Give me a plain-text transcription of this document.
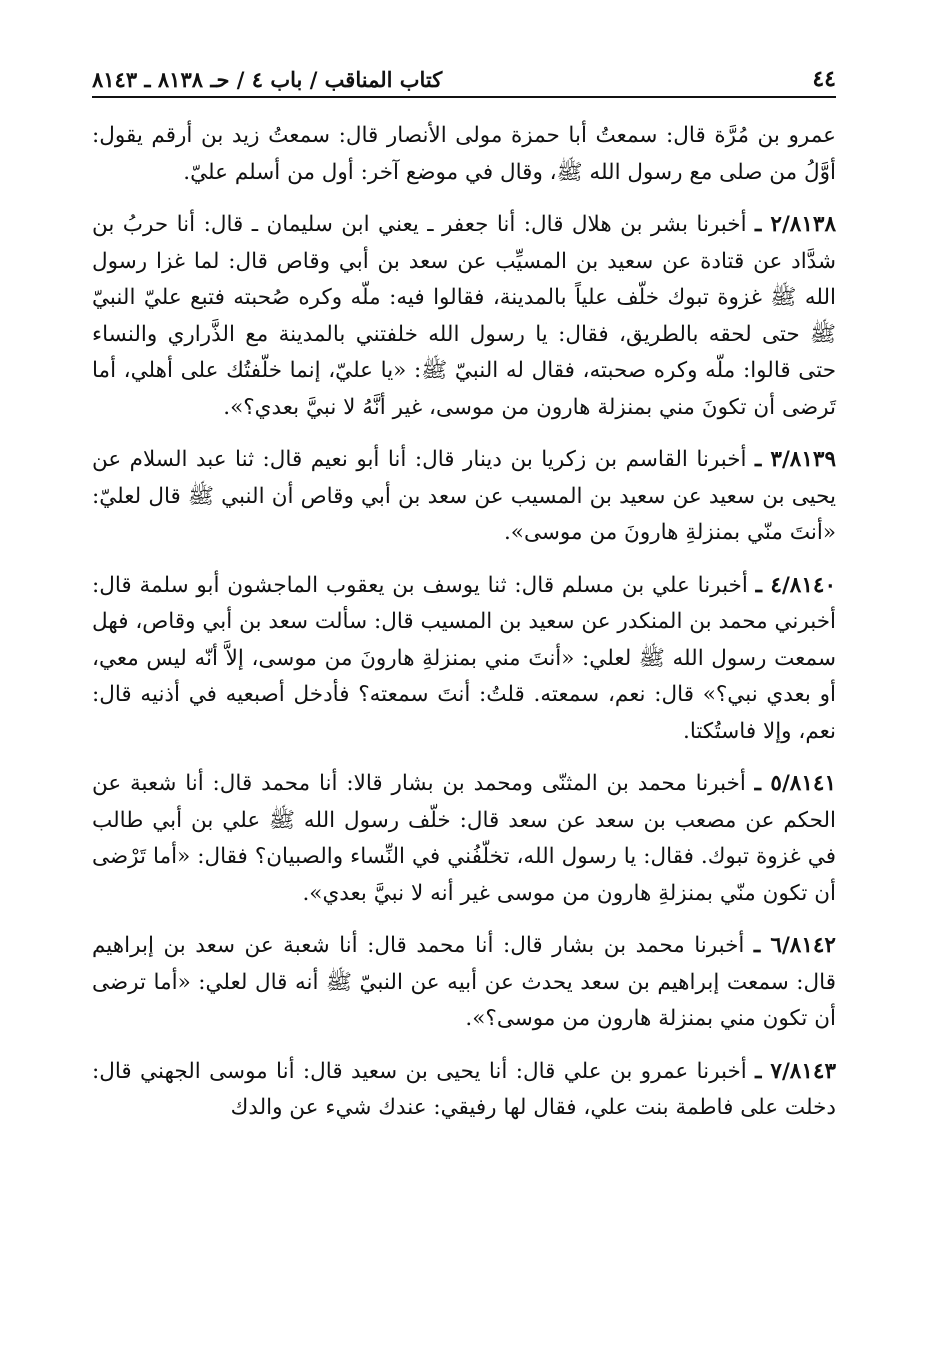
٤٤
كتاب المناقب / باب ٤ / حـ ٨١٣٨ ـ ٨١٤٣

عمرو بن مُرَّة قال: سمعتُ أبا حمزة مولى الأنصار قال: سمعتُ زيد بن أرقم يقول: أوَّلُ من صلى مع رسول الله ﷺ، وقال في موضع آخر: أول من أسلم عليّ.

٢/٨١٣٨ ـ أخبرنا بشر بن هلال قال: أنا جعفر ـ يعني ابن سليمان ـ قال: أنا حربُ بن شدَّاد عن قتادة عن سعيد بن المسيِّب عن سعد بن أبي وقاص قال: لما غزا رسول الله ﷺ غزوة تبوك خلّف علياً بالمدينة، فقالوا فيه: ملّه وكره صُحبته فتبع عليّ النبيّ ﷺ حتى لحقه بالطريق، فقال: يا رسول الله خلفتني بالمدينة مع الذَّراري والنساء حتى قالوا: ملّه وكره صحبته، فقال له النبيّ ﷺ: «يا عليّ، إنما خلّفتُك على أهلي، أما تَرضى أن تكونَ مني بمنزلة هارون من موسى، غير أنَّهُ لا نبيَّ بعدي؟».

٣/٨١٣٩ ـ أخبرنا القاسم بن زكريا بن دينار قال: أنا أبو نعيم قال: ثنا عبد السلام عن يحيى بن سعيد عن سعيد بن المسيب عن سعد بن أبي وقاص أن النبي ﷺ قال لعليّ: «أنتَ منّي بمنزلةِ هارونَ من موسى».

٤/٨١٤٠ ـ أخبرنا علي بن مسلم قال: ثنا يوسف بن يعقوب الماجشون أبو سلمة قال: أخبرني محمد بن المنكدر عن سعيد بن المسيب قال: سألت سعد بن أبي وقاص، فهل سمعت رسول الله ﷺ لعلي: «أنتَ مني بمنزلةِ هارونَ من موسى، إلاَّ أنّه ليس معي، أو بعدي نبي؟» قال: نعم، سمعته. قلتُ: أنتَ سمعته؟ فأدخل أصبعيه في أذنيه قال: نعم، وإلا فاستُكتا.

٥/٨١٤١ ـ أخبرنا محمد بن المثنّى ومحمد بن بشار قالا: أنا محمد قال: أنا شعبة عن الحكم عن مصعب بن سعد عن سعد قال: خلّف رسول الله ﷺ علي بن أبي طالب في غزوة تبوك. فقال: يا رسول الله، تخلّفُني في النِّساء والصبيان؟ فقال: «أما تَرْضى أن تكون منّي بمنزلةِ هارون من موسى غير أنه لا نبيَّ بعدي».

٦/٨١٤٢ ـ أخبرنا محمد بن بشار قال: أنا محمد قال: أنا شعبة عن سعد بن إبراهيم قال: سمعت إبراهيم بن سعد يحدث عن أبيه عن النبيّ ﷺ أنه قال لعلي: «أما ترضى أن تكون مني بمنزلة هارون من موسى؟».

٧/٨١٤٣ ـ أخبرنا عمرو بن علي قال: أنا يحيى بن سعيد قال: أنا موسى الجهني قال: دخلت على فاطمة بنت علي، فقال لها رفيقي: عندك شيء عن والدك
